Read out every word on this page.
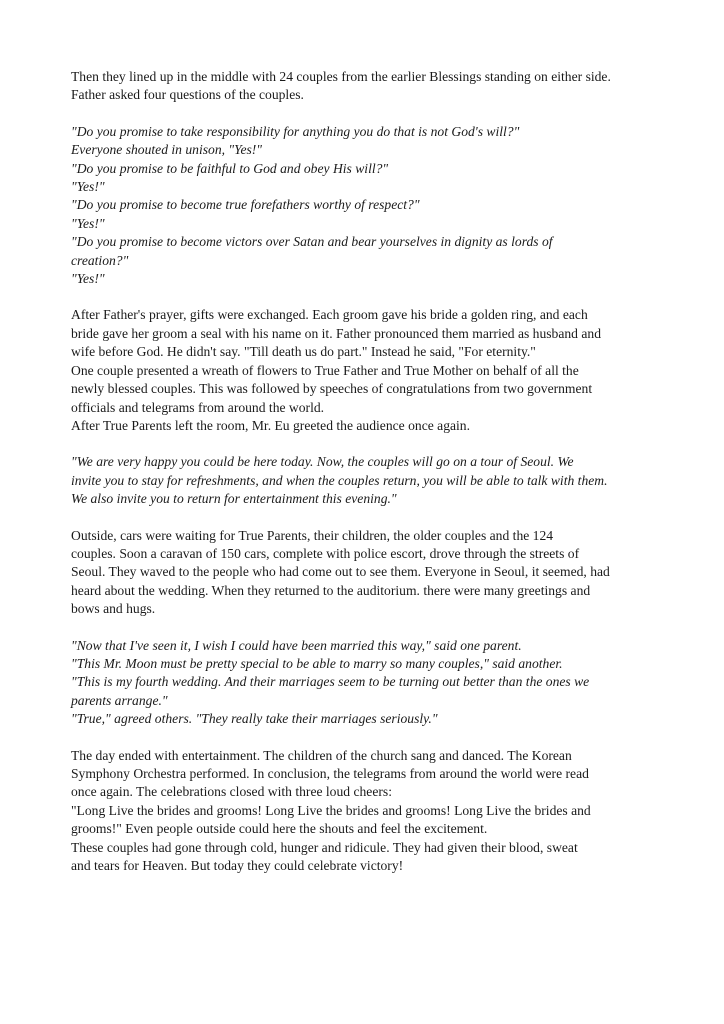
Then they lined up in the middle with 24 couples from the earlier Blessings standing on either side.
Father asked four questions of the couples.
"Do you promise to take responsibility for anything you do that is not God's will?"
Everyone shouted in unison, "Yes!"
"Do you promise to be faithful to God and obey His will?"
"Yes!"
"Do you promise to become true forefathers worthy of respect?"
"Yes!"
"Do you promise to become victors over Satan and bear yourselves in dignity as lords of
creation?"
"Yes!"
After Father's prayer, gifts were exchanged. Each groom gave his bride a golden ring, and each
bride gave her groom a seal with his name on it. Father pronounced them married as husband and
wife before God. He didn't say. "Till death us do part." Instead he said, "For eternity."
One couple presented a wreath of flowers to True Father and True Mother on behalf of all the
newly blessed couples. This was followed by speeches of congratulations from two government
officials and telegrams from around the world.
After True Parents left the room, Mr. Eu greeted the audience once again.
"We are very happy you could be here today. Now, the couples will go on a tour of Seoul. We
invite you to stay for refreshments, and when the couples return, you will be able to talk with them.
We also invite you to return for entertainment this evening."
Outside, cars were waiting for True Parents, their children, the older couples and the 124
couples. Soon a caravan of 150 cars, complete with police escort, drove through the streets of
Seoul. They waved to the people who had come out to see them. Everyone in Seoul, it seemed, had
heard about the wedding. When they returned to the auditorium. there were many greetings and
bows and hugs.
"Now that I've seen it, I wish I could have been married this way," said one parent.
"This Mr. Moon must be pretty special to be able to marry so many couples," said another.
"This is my fourth wedding. And their marriages seem to be turning out better than the ones we
parents arrange."
"True," agreed others. "They really take their marriages seriously."
The day ended with entertainment. The children of the church sang and danced. The Korean
Symphony Orchestra performed. In conclusion, the telegrams from around the world were read
once again. The celebrations closed with three loud cheers:
"Long Live the brides and grooms! Long Live the brides and grooms! Long Live the brides and
grooms!" Even people outside could here the shouts and feel the excitement.
These couples had gone through cold, hunger and ridicule. They had given their blood, sweat
and tears for Heaven. But today they could celebrate victory!
